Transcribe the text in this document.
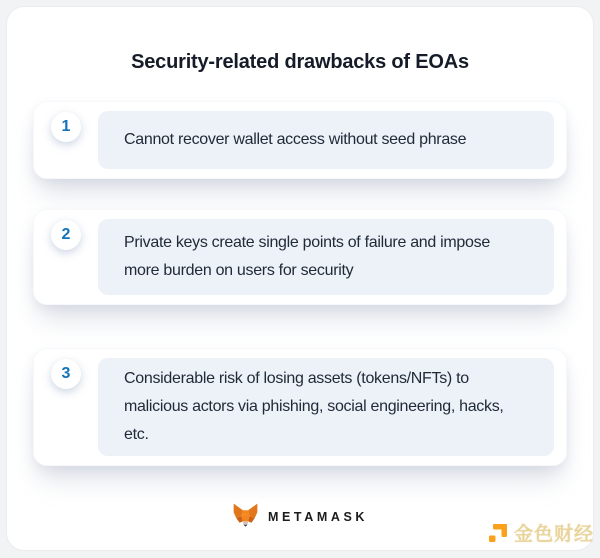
Security-related drawbacks of EOAs
1
Cannot recover wallet access without seed phrase
2	Private keys create single points of failure and impose
more burden on users for security
3	Considerable risk of losing assets (tokens/NFTs) to
malicious actors via phishing, social engineering, hacks,
etc.
METAMASK
金色财经
